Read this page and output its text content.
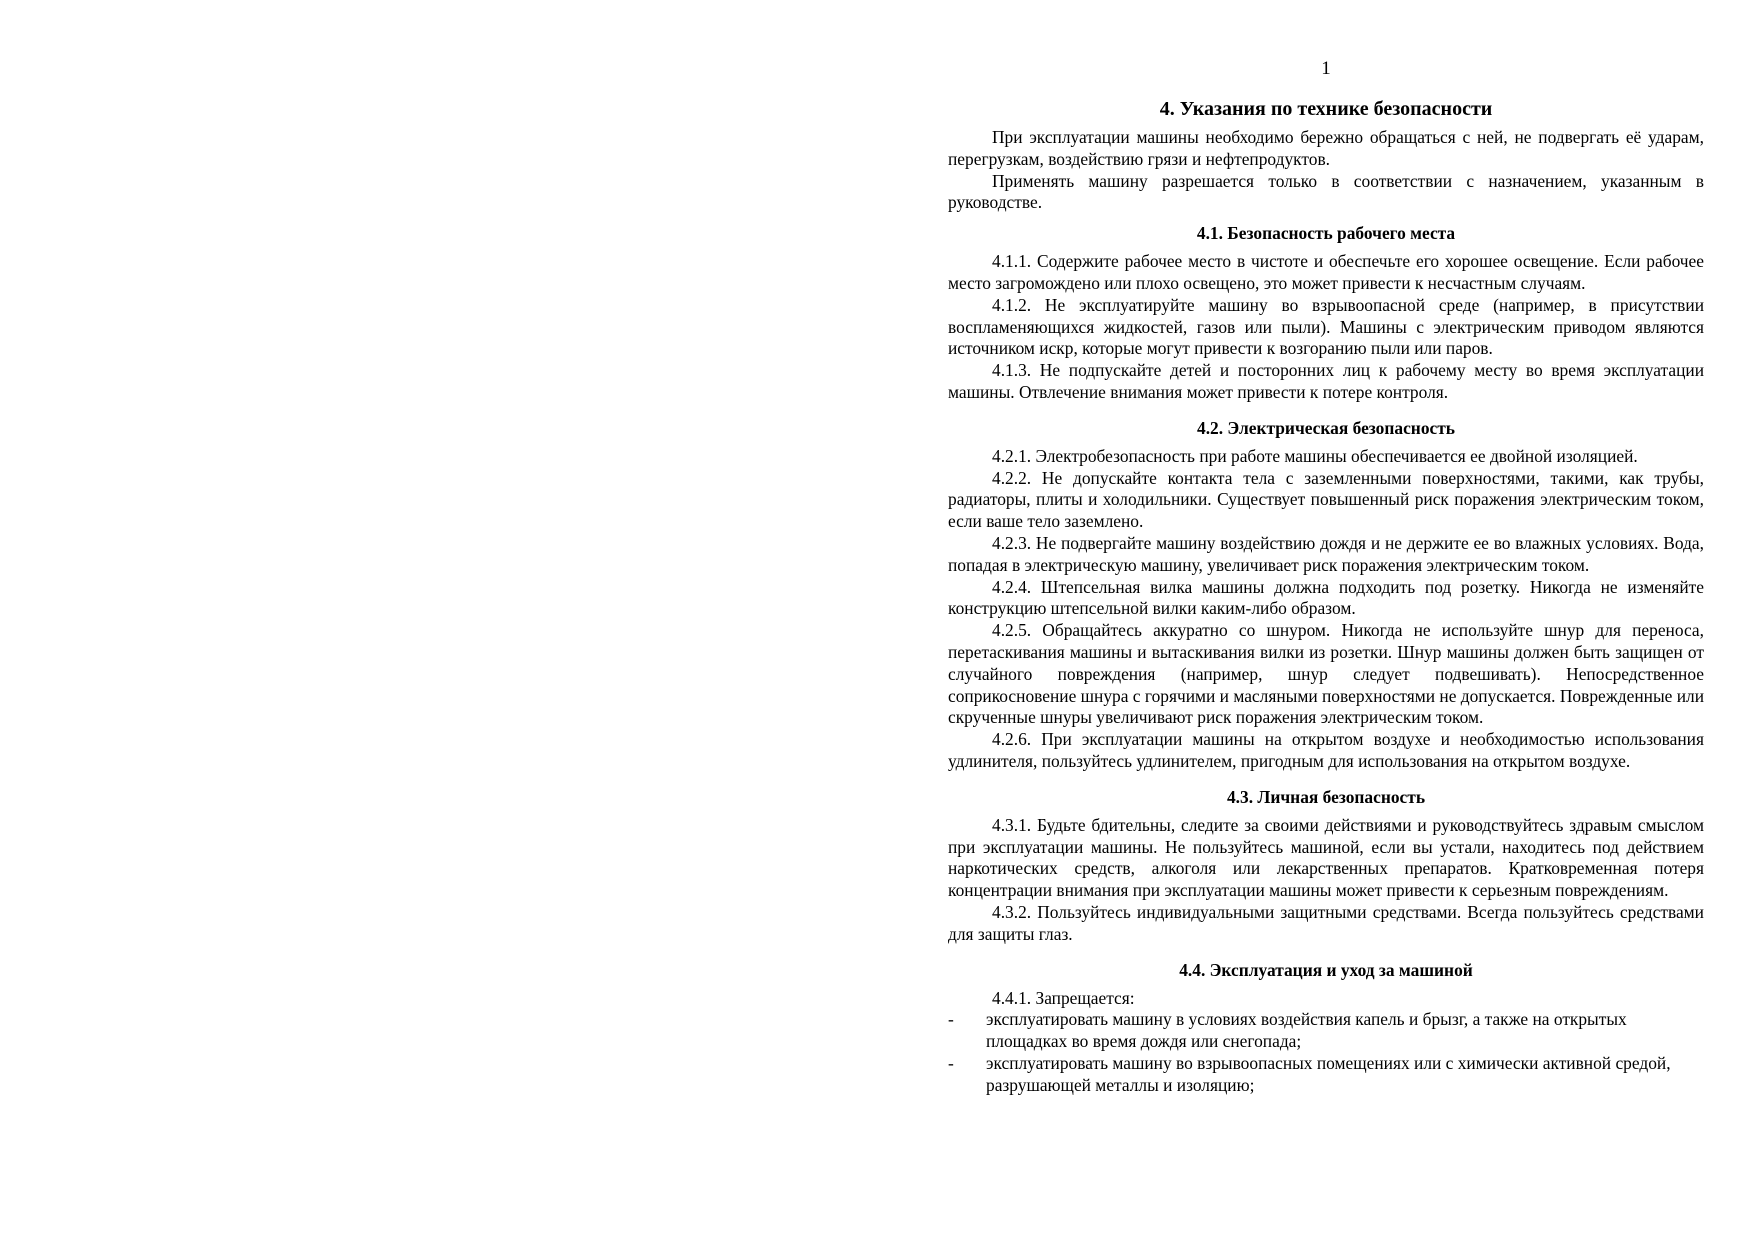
1
4. Указания по технике безопасности

При эксплуатации машины необходимо бережно обращаться с ней, не подвергать её ударам, перегрузкам, воздействию грязи и нефтепродуктов.

Применять машину разрешается только в соответствии с назначением, указанным в руководстве.

4.1. Безопасность рабочего места

4.1.1. Содержите рабочее место в чистоте и обеспечьте его хорошее освещение. Если рабочее место загромождено или плохо освещено, это может привести к несчастным случаям.

4.1.2. Не эксплуатируйте машину во взрывоопасной среде (например, в присутствии воспламеняющихся жидкостей, газов или пыли). Машины с электрическим приводом являются источником искр, которые могут привести к возгоранию пыли или паров.

4.1.3. Не подпускайте детей и посторонних лиц к рабочему месту во время эксплуатации машины. Отвлечение внимания может привести к потере контроля.

4.2. Электрическая безопасность

4.2.1. Электробезопасность при работе машины обеспечивается ее двойной изоляцией.

4.2.2. Не допускайте контакта тела с заземленными поверхностями, такими, как трубы, радиаторы, плиты и холодильники. Существует повышенный риск поражения электрическим током, если ваше тело заземлено.

4.2.3. Не подвергайте машину воздействию дождя и не держите ее во влажных условиях. Вода, попадая в электрическую машину, увеличивает риск поражения электрическим током.

4.2.4. Штепсельная вилка машины должна подходить под розетку. Никогда не изменяйте конструкцию штепсельной вилки каким-либо образом.

4.2.5. Обращайтесь аккуратно со шнуром. Никогда не используйте шнур для переноса, перетаскивания машины и вытаскивания вилки из розетки. Шнур машины должен быть защищен от случайного повреждения (например, шнур следует подвешивать). Непосредственное соприкосновение шнура с горячими и масляными поверхностями не допускается. Поврежденные или скрученные шнуры увеличивают риск поражения электрическим током.

4.2.6. При эксплуатации машины на открытом воздухе и необходимостью использования удлинителя, пользуйтесь удлинителем, пригодным для использования на открытом воздухе.

4.3. Личная безопасность

4.3.1. Будьте бдительны, следите за своими действиями и руководствуйтесь здравым смыслом при эксплуатации машины. Не пользуйтесь машиной, если вы устали, находитесь под действием наркотических средств, алкоголя или лекарственных препаратов. Кратковременная потеря концентрации внимания при эксплуатации машины может привести к серьезным повреждениям.

4.3.2. Пользуйтесь индивидуальными защитными средствами. Всегда пользуйтесь средствами для защиты глаз.

4.4. Эксплуатация и уход за машиной

4.4.1. Запрещается:

- эксплуатировать машину в условиях воздействия капель и брызг, а также на открытых площадках во время дождя или снегопада;

- эксплуатировать машину во взрывоопасных помещениях или с химически активной средой, разрушающей металлы и изоляцию;
